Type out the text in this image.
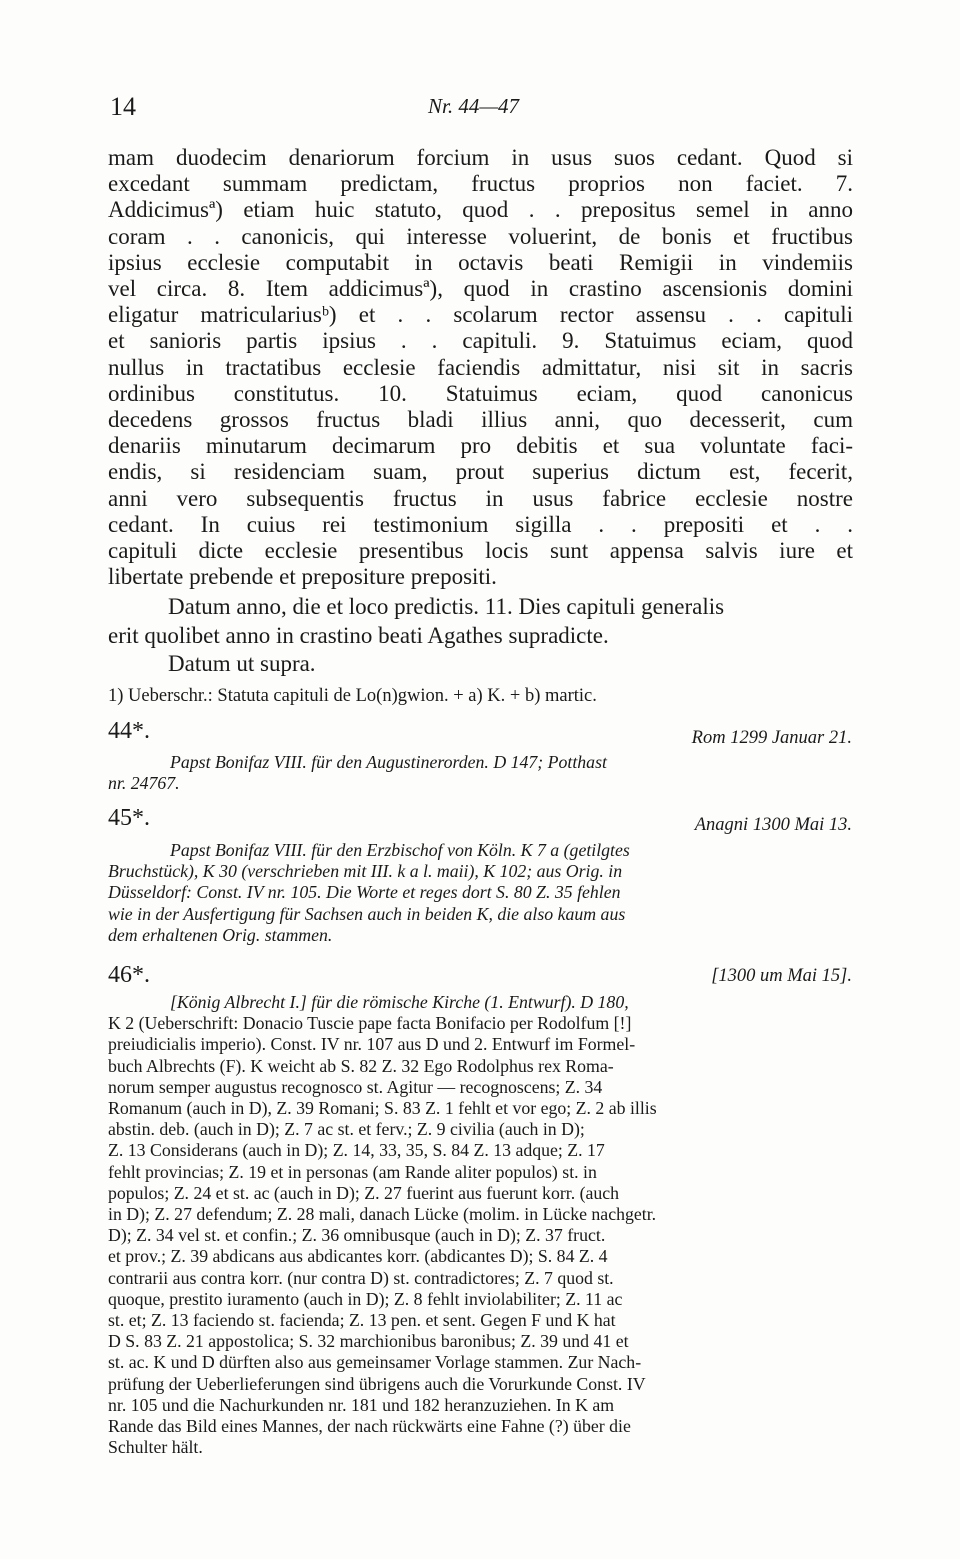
14	Nr. 44—47
mam duodecim denariorum forcium in usus suos cedant. Quod si
excedant summam predictam, fructus proprios non faciet. 7.
Addicimusª) etiam huic statuto, quod . . prepositus semel in anno
coram . . canonicis, qui interesse voluerint, de bonis et fructibus
ipsius ecclesie computabit in octavis beati Remigii in vindemiis
vel circa. 8. Item addicimusª), quod in crastino ascensionis domini
eligatur matriculariusᵇ) et . . scolarum rector assensu . . capituli
et sanioris partis ipsius . . capituli. 9. Statuimus eciam, quod
nullus in tractatibus ecclesie faciendis admittatur, nisi sit in sacris
ordinibus constitutus. 10. Statuimus eciam, quod canonicus
decedens grossos fructus bladi illius anni, quo decesserit, cum
denariis minutarum decimarum pro debitis et sua voluntate faci-
endis, si residenciam suam, prout superius dictum est, fecerit,
anni vero subsequentis fructus in usus fabrice ecclesie nostre
cedant. In cuius rei testimonium sigilla . . prepositi et . .
capituli dicte ecclesie presentibus locis sunt appensa salvis iure et
libertate prebende et prepositure prepositi.
Datum anno, die et loco predictis. 11. Dies capituli generalis
erit quolibet anno in crastino beati Agathes supradicte.
Datum ut supra.
1) Ueberschr.: Statuta capituli de Lo(n)gwion. + a) K. + b) martic.
44*.	Rom 1299 Januar 21.
Papst Bonifaz VIII. für den Augustinerorden. D 147; Potthast
nr. 24767.
45*.	Anagni 1300 Mai 13.
Papst Bonifaz VIII. für den Erzbischof von Köln. K 7 a (getilgtes
Bruchstück), K 30 (verschrieben mit III. k a l. maii), K 102; aus Orig. in
Düsseldorf: Const. IV nr. 105. Die Worte et reges dort S. 80 Z. 35 fehlen
wie in der Ausfertigung für Sachsen auch in beiden K, die also kaum aus
dem erhaltenen Orig. stammen.
46*.	[1300 um Mai 15].
[König Albrecht I.] für die römische Kirche (1. Entwurf). D 180,
K 2 (Ueberschrift: Donacio Tuscie pape facta Bonifacio per Rodolfum [!]
preiudicialis imperio). Const. IV nr. 107 aus D und 2. Entwurf im Formel-
buch Albrechts (F). K weicht ab S. 82 Z. 32 Ego Rodolphus rex Roma-
norum semper augustus recognosco st. Agitur — recognoscens; Z. 34
Romanum (auch in D), Z. 39 Romani; S. 83 Z. 1 fehlt et vor ego; Z. 2 ab illis
abstin. deb. (auch in D); Z. 7 ac st. et ferv.; Z. 9 civilia (auch in D);
Z. 13 Considerans (auch in D); Z. 14, 33, 35, S. 84 Z. 13 adque; Z. 17
fehlt provincias; Z. 19 et in personas (am Rande aliter populos) st. in
populos; Z. 24 et st. ac (auch in D); Z. 27 fuerint aus fuerunt korr. (auch
in D); Z. 27 defendum; Z. 28 mali, danach Lücke (molim. in Lücke nachgetr.
D); Z. 34 vel st. et confin.; Z. 36 omnibusque (auch in D); Z. 37 fruct.
et prov.; Z. 39 abdicans aus abdicantes korr. (abdicantes D); S. 84 Z. 4
contrarii aus contra korr. (nur contra D) st. contradictores; Z. 7 quod st.
quoque, prestito iuramento (auch in D); Z. 8 fehlt inviolabiliter; Z. 11 ac
st. et; Z. 13 faciendo st. facienda; Z. 13 pen. et sent. Gegen F und K hat
D S. 83 Z. 21 appostolica; S. 32 marchionibus baronibus; Z. 39 und 41 et
st. ac. K und D dürften also aus gemeinsamer Vorlage stammen. Zur Nach-
prüfung der Ueberlieferungen sind übrigens auch die Vorurkunde Const. IV
nr. 105 und die Nachurkunden nr. 181 und 182 heranzuziehen. In K am
Rande das Bild eines Mannes, der nach rückwärts eine Fahne (?) über die
Schulter hält.
